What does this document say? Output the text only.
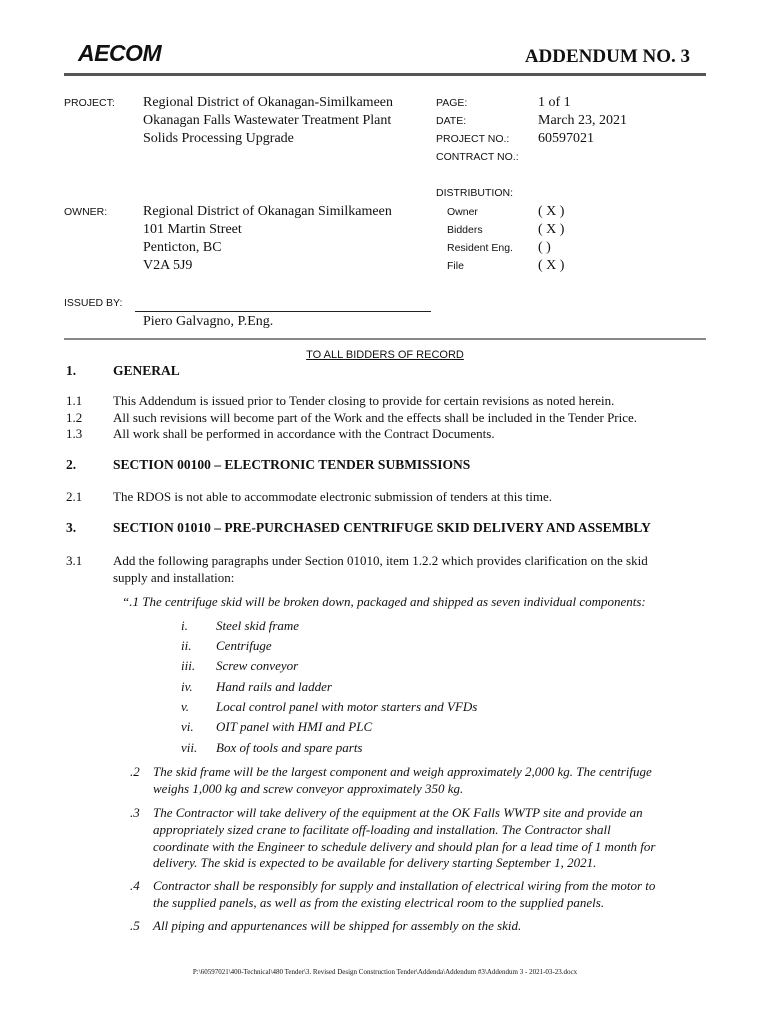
AECOM	ADDENDUM NO. 3
PROJECT: Regional District of Okanagan-Similkameen
Okanagan Falls Wastewater Treatment Plant
Solids Processing Upgrade
PAGE:	1 of 1
DATE:	March 23, 2021
PROJECT NO.: 60597021
CONTRACT NO.:
DISTRIBUTION:
Owner	( X )
Bidders	( X )
Resident Eng. ( )
File	( X )
OWNER:	Regional District of Okanagan Similkameen
101 Martin Street
Penticton, BC
V2A 5J9
ISSUED BY:
Piero Galvagno, P.Eng.
TO ALL BIDDERS OF RECORD
1.	GENERAL
1.1 This Addendum is issued prior to Tender closing to provide for certain revisions as noted herein.
1.2 All such revisions will become part of the Work and the effects shall be included in the Tender Price.
1.3 All work shall be performed in accordance with the Contract Documents.
2.	SECTION 00100 – ELECTRONIC TENDER SUBMISSIONS
2.1 The RDOS is not able to accommodate electronic submission of tenders at this time.
3.	SECTION 01010 – PRE-PURCHASED CENTRIFUGE SKID DELIVERY AND ASSEMBLY
3.1 Add the following paragraphs under Section 01010, item 1.2.2 which provides clarification on the skid
supply and installation:
“.1 The centrifuge skid will be broken down, packaged and shipped as seven individual components:
i. Steel skid frame
ii. Centrifuge
iii. Screw conveyor
iv. Hand rails and ladder
v. Local control panel with motor starters and VFDs
vi. OIT panel with HMI and PLC
vii. Box of tools and spare parts
.2 The skid frame will be the largest component and weigh approximately 2,000 kg. The centrifuge
weighs 1,000 kg and screw conveyor approximately 350 kg.
.3 The Contractor will take delivery of the equipment at the OK Falls WWTP site and provide an
appropriately sized crane to facilitate off-loading and installation. The Contractor shall
coordinate with the Engineer to schedule delivery and should plan for a lead time of 1 month for
delivery. The skid is expected to be available for delivery starting September 1, 2021.
.4 Contractor shall be responsibly for supply and installation of electrical wiring from the motor to
the supplied panels, as well as from the existing electrical room to the supplied panels.
.5 All piping and appurtenances will be shipped for assembly on the skid.
P:\60597021\400-Technical\480 Tender\3. Revised Design Construction Tender\Addenda\Addendum #3\Addendum 3 - 2021-03-23.docx
